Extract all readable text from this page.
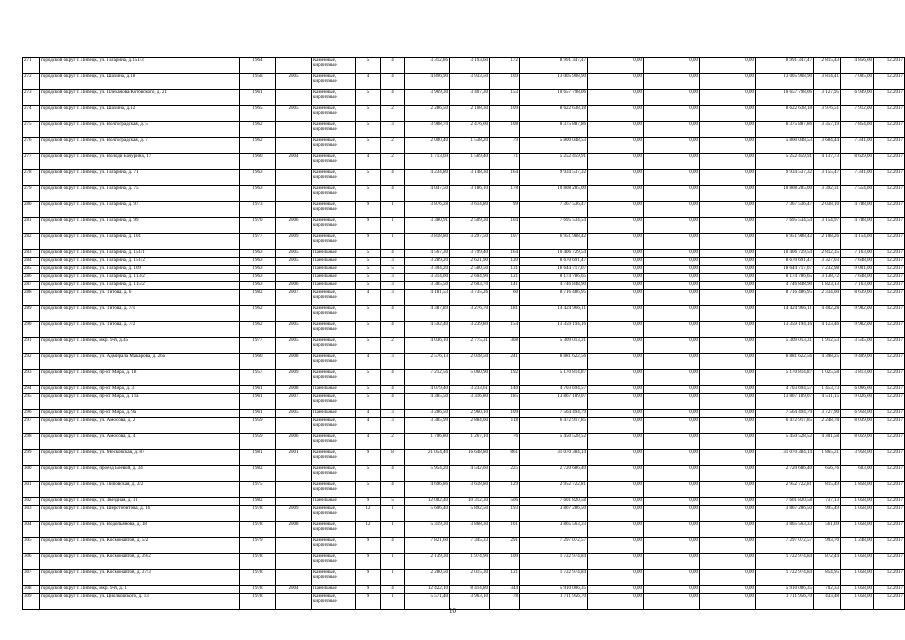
271	городской округ г. Липецк, ул. Гагарина, д.151/3	1964		Каменные, кирпичные	5	4	3 312,86	3 193,60	172	8 991 347,47	0,00	0,00	0,00	8 991 347,47	2 815,43	4 856,00	12.2017
272	городской округ г. Липецк, ул. Шахина, д.18	1958	2005	Каменные, кирпичные	4	4	4 896,90	3 933,50	169	13 005 908,90	0,00	0,00	0,00	13 005 908,90	3 814,41	7 005,00	12.2017
273	городской округ г. Липецк, ул. Плеханова/Котовского, д. 21	1961		Каменные, кирпичные	5	4	3 969,30	3 407,30	153	10 657 798,06	0,00	0,00	0,00	10 657 798,06	3 127,95	6 949,00	12.2017
274	городской округ г. Липецк, ул. Шахина, д.12	1965	2005	Каменные, кирпичные	5	2	2 286,50	2 168,30	109	8 622 638,18	0,00	0,00	0,00	8 622 638,18	3 976,51	7 912,00	12.2017
275	городской округ г. Липецк, ул. Волгоградская, д. 5	1962		Каменные, кирпичные	5	3	3 988,70	2 476,00	108	8 375 887,86	0,00	0,00	0,00	8 375 887,86	3 357,19	7 854,00	12.2017
276	городской округ г. Липецк, ул. Волгоградская, д. 7	1962		Каменные, кирпичные	5	2	2 000,40	1 538,20	79	5 800 048,53	0,00	0,00	0,00	5 800 048,53	3 684,44	7 341,00	12.2017
277	городской округ г. Липецк, ул. Володи Бачурина, 17	1960	2004	Каменные, кирпичные	4	2	1 713,69	1 569,40	71	5 252 459,91	0,00	0,00	0,00	5 252 459,91	4 137,73	8 629,00	12.2017
278	городской округ г. Липецк, ул. Гагарина, д. 71	1963		Каменные, кирпичные	5	4	4 234,80	3 148,30	164	9 934 537,32	0,00	0,00	0,00	9 934 537,32	3 155,47	7 341,00	12.2017
279	городской округ г. Липецк, ул. Гагарина, д. 75	1963		Каменные, кирпичные	5	4	4 047,50	3 186,10	178	10 808 285,00	0,00	0,00	0,00	10 808 285,00	3 392,31	7 554,00	12.2017
280	городской округ г. Липецк, ул. Гагарина, д. 97	1973		Каменные, кирпичные	9	1	3 876,28	3 614,80	99	7 367 536,47	0,00	0,00	0,00	7 367 536,47	2 038,10	4 788,00	12.2017
281	городской округ г. Липецк, ул. Гагарина, д. 99	1976	2006	Каменные, кирпичные	9	1	3 380,91	2 509,30	104	7 695 534,54	0,00	0,00	0,00	7 695 534,54	3 154,97	4 788,00	12.2017
282	городской округ г. Липецк, ул. Гагарина, д. 101	1977	2009	Каменные, кирпичные	9	1	3 818,80	3 297,50	107	6 951 988,42	0,00	0,00	0,00	6 951 988,42	2 108,26	4 154,00	12.2017
283	городской округ г. Липецк, ул. Гагарина, д. 151/1	1963	2005	Панельные	5	4	4 567,30	3 799,40	164	10 406 729,54	0,00	0,00	0,00	10 406 729,54	2 812,35	7 163,00	12.2017
284	городской округ г. Липецк, ул. Гагарина, д. 151/2	1963	2005	Панельные	5	3	3 289,20	2 621,90	120	8 670 691,47	0,00	0,00	0,00	8 670 691,47	3 327,03	7 648,00	12.2017
285	городской округ г. Липецк, ул. Гагарина, д. 109	1963		Панельные	5	5	3 304,20	2 580,50	131	18 644 717,07	0,00	0,00	0,00	18 644 717,07	7 232,98	9 001,00	12.2017
286	городской округ г. Липецк, ул. Гагарина, д. 113/2	1963		Панельные	5	3	3 314,00	2 604,90	121	8 174 786,65	0,00	0,00	0,00	8 174 786,65	3 138,72	7 648,00	12.2017
287	городской округ г. Липецк, ул. Гагарина, д. 115/2	1963	2006	Панельные	5	3	3 385,50	2 603,70	141	4 746 848,90	0,00	0,00	0,00	4 746 848,90	1 823,13	7 163,00	12.2017
288	городской округ г. Липецк, ул. Титова, д. 6	1982	2007	Каменные, кирпичные	4	3	4 181,53	3 735,26	60	8 716 486,95	0,00	0,00	0,00	8 716 486,95	2 334,00	8 639,00	12.2017
289	городской округ г. Липецк, ул. Титова, д. 7/1	1962		Каменные, кирпичные	5	4	4 387,89	3 276,70	181	14 424 966,11	0,00	0,00	0,00	14 424 966,11	4 402,28	9 982,00	12.2017
290	городской округ г. Липецк, ул. Титова, д. 7/2	1962	2005	Каменные, кирпичные	5	4	4 592,40	3 239,80	154	13 359 194,16	0,00	0,00	0,00	13 359 194,16	4 123,46	9 982,00	12.2017
291	городской округ г. Липецк, мкр. 9-й, д.45	1977	2005	Каменные, кирпичные	5	2	4 036,10	2 775,31	308	5 309 013,31	0,00	0,00	0,00	5 309 013,31	1 912,53	3 545,00	12.2017
292	городской округ г. Липецк, ул. Адмирала Макарова, д. 26а	1960	2008	Каменные, кирпичные	4	3	2 576,13	2 018,50	241	8 881 622,56	0,00	0,00	0,00	8 881 622,56	4 398,25	9 409,00	12.2017
293	городской округ г. Липецк, пр-кт Мира, д. 18	1957	2009	Каменные, кирпичные	5	4	7 212,56	5 060,90	192	5 170 814,87	0,00	0,00	0,00	5 170 814,87	1 025,58	3 813,00	12.2017
294	городской округ г. Липецк, пр-кт Мира, д. 3	1961	2008	Панельные	5	4	4 079,40	3 233,61	140	4 703 694,57	0,00	0,00	0,00	4 703 694,57	1 453,73	6 066,00	12.2017
295	городской округ г. Липецк, пр-кт Мира, д. 11а	1961	2007	Каменные, кирпичные	5	4	4 385,50	3 316,80	185	13 867 189,07	0,00	0,00	0,00	13 867 189,07	4 511,15	9 026,00	12.2017
296	городской округ г. Липецк, пр-кт Мира, д. 9а	1961	2005	Панельные	4	3	3 286,50	2 960,10	109	7 564 494,79	0,00	0,00	0,00	7 564 494,79	3 727,90	6 958,00	12.2017
297	городской округ г. Липецк, ул. Амосова, д. 2	1959		Каменные, кирпичные	4	3	3 385,99	2 884,60	118	6 472 917,85	0,00	0,00	0,00	6 472 917,85	2 248,78	8 039,00	12.2017
298	городской округ г. Липецк, ул. Амосова, д. 4	1959	2006	Каменные, кирпичные	4	2	1 706,80	1 267,10	76	5 450 528,52	0,00	0,00	0,00	5 450 528,52	4 301,58	8 059,00	12.2017
299	городской округ г. Липецк, ул. Московская, д. 87	1981	2001	Каменные, кирпичные	9	8	21 054,40	16 648,80	861	31 070 384,14	0,00	0,00	0,00	31 070 384,14	1 865,21	3 958,00	12.2017
300	городской округ г. Липецк, проезд Боевой, д. 34	1982		Каменные, кирпичные	5	4	5 954,20	4 542,60	225	2 720 686,40	0,00	0,00	0,00	2 720 686,40	656,76	603,00	12.2017
301	городской округ г. Липецк, ул. Липовская, д. 3/2	1975		Каменные, кирпичные	5	4	4 696,86	3 618,80	129	2 952 722,81	0,00	0,00	0,00	2 952 722,81	815,49	1 858,00	12.2017
302	городской округ г. Липецк, ул. Звездная, д. 11	1982		Панельные	9	5	12 082,40	10 312,30	506	7 601 820,58	0,00	0,00	0,00	7 601 820,58	737,13	1 058,00	12.2017
303	городской округ г. Липецк, ул. Шерстобитова, д. 16	1978	2009	Каменные, кирпичные	12	1	5 606,40	5 892,50	193	3 867 286,50	0,00	0,00	0,00	3 867 286,50	995,49	1 058,00	12.2017
304	городской округ г. Липецк, ул. Водопьянова, д. 18	1978	2008	Каменные, кирпичные	12	1	5 319,30	3 868,30	161	3 865 563,33	0,00	0,00	0,00	3 865 563,33	561,69	1 058,00	12.2017
305	городской округ г. Липецк, ул. Космонавтов, д. 5/2	1979		Каменные, кирпичные	9	4	7 821,60	7 345,33	291	7 297 072,57	0,00	0,00	0,00	7 297 072,57	993,70	1 248,00	12.2017
306	городской округ г. Липецк, ул. Космонавтов, д. 39/2	1978		Каменные, кирпичные	9	1	2 139,30	1 974,90	100	1 722 974,84	0,00	0,00	0,00	1 722 974,84	872,44	1 058,00	12.2017
307	городской округ г. Липецк, ул. Космонавтов, д. 37/3	1978		Каменные, кирпичные	9	1	2 280,50	2 015,30	121	1 722 974,84	0,00	0,00	0,00	1 722 974,84	854,95	1 058,00	12.2017
308	городской округ г. Липецк, мкр. 9-й, д. 1	1978	2004	Панельные	9	4	12 422,10	8 414,80	344	5 910 006,35	0,00	0,00	0,00	5 910 006,35	702,33	1 058,00	12.2017
309	городской округ г. Липецк, ул. Циолковского, д. 13	1978		Каменные, кирпичные	9	1	5 571,40	3 963,10	78	1 711 956,70	0,00	0,00	0,00	1 711 956,70	433,48	1 058,00	12.2017
10
